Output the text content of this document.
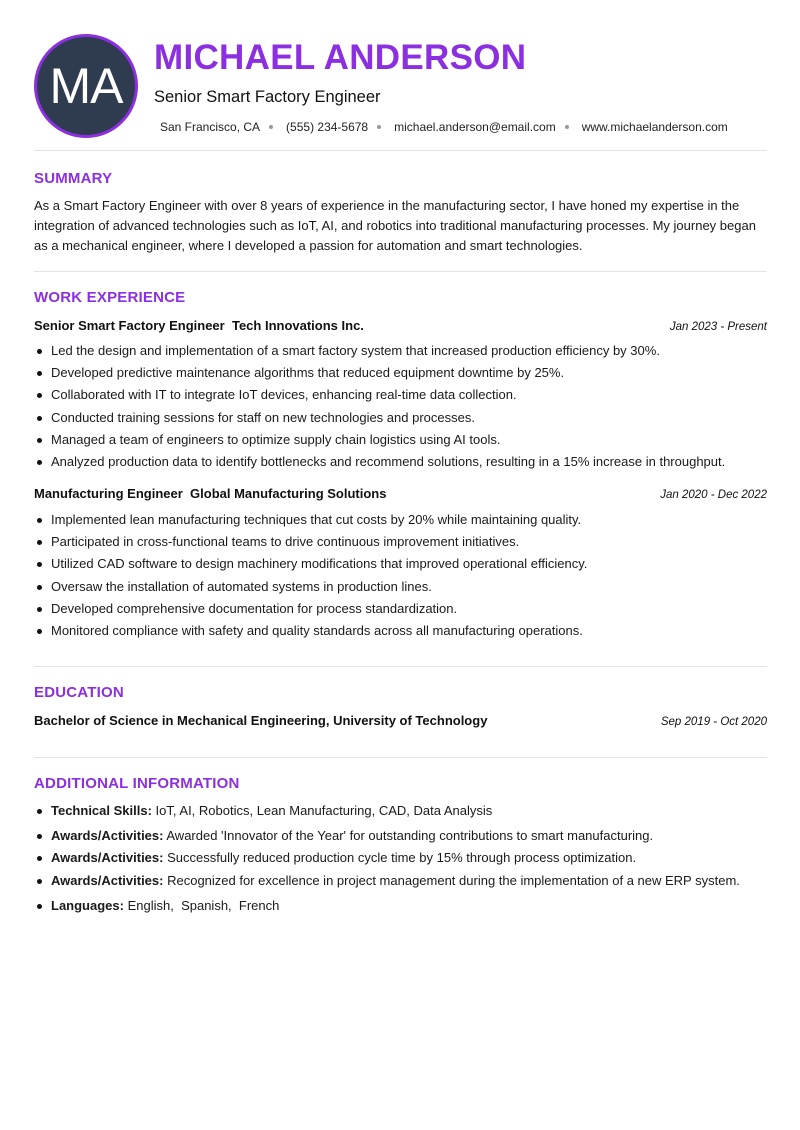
MA
MICHAEL ANDERSON
Senior Smart Factory Engineer
San Francisco, CA (555) 234-5678 michael.anderson@email.com www.michaelanderson.com
SUMMARY
As a Smart Factory Engineer with over 8 years of experience in the manufacturing sector, I have honed my expertise in the integration of advanced technologies such as IoT, AI, and robotics into traditional manufacturing processes. My journey began as a mechanical engineer, where I developed a passion for automation and smart technologies.
WORK EXPERIENCE
Senior Smart Factory Engineer Tech Innovations Inc.	Jan 2023 - Present
Led the design and implementation of a smart factory system that increased production efficiency by 30%.
Developed predictive maintenance algorithms that reduced equipment downtime by 25%.
Collaborated with IT to integrate IoT devices, enhancing real-time data collection.
Conducted training sessions for staff on new technologies and processes.
Managed a team of engineers to optimize supply chain logistics using AI tools.
Analyzed production data to identify bottlenecks and recommend solutions, resulting in a 15% increase in throughput.
Manufacturing Engineer Global Manufacturing Solutions	Jan 2020 - Dec 2022
Implemented lean manufacturing techniques that cut costs by 20% while maintaining quality.
Participated in cross-functional teams to drive continuous improvement initiatives.
Utilized CAD software to design machinery modifications that improved operational efficiency.
Oversaw the installation of automated systems in production lines.
Developed comprehensive documentation for process standardization.
Monitored compliance with safety and quality standards across all manufacturing operations.
EDUCATION
Bachelor of Science in Mechanical Engineering, University of Technology	Sep 2019 - Oct 2020
ADDITIONAL INFORMATION
Technical Skills: IoT, AI, Robotics, Lean Manufacturing, CAD, Data Analysis
Awards/Activities: Awarded 'Innovator of the Year' for outstanding contributions to smart manufacturing.
Awards/Activities: Successfully reduced production cycle time by 15% through process optimization.
Awards/Activities: Recognized for excellence in project management during the implementation of a new ERP system.
Languages: English,  Spanish,  French
